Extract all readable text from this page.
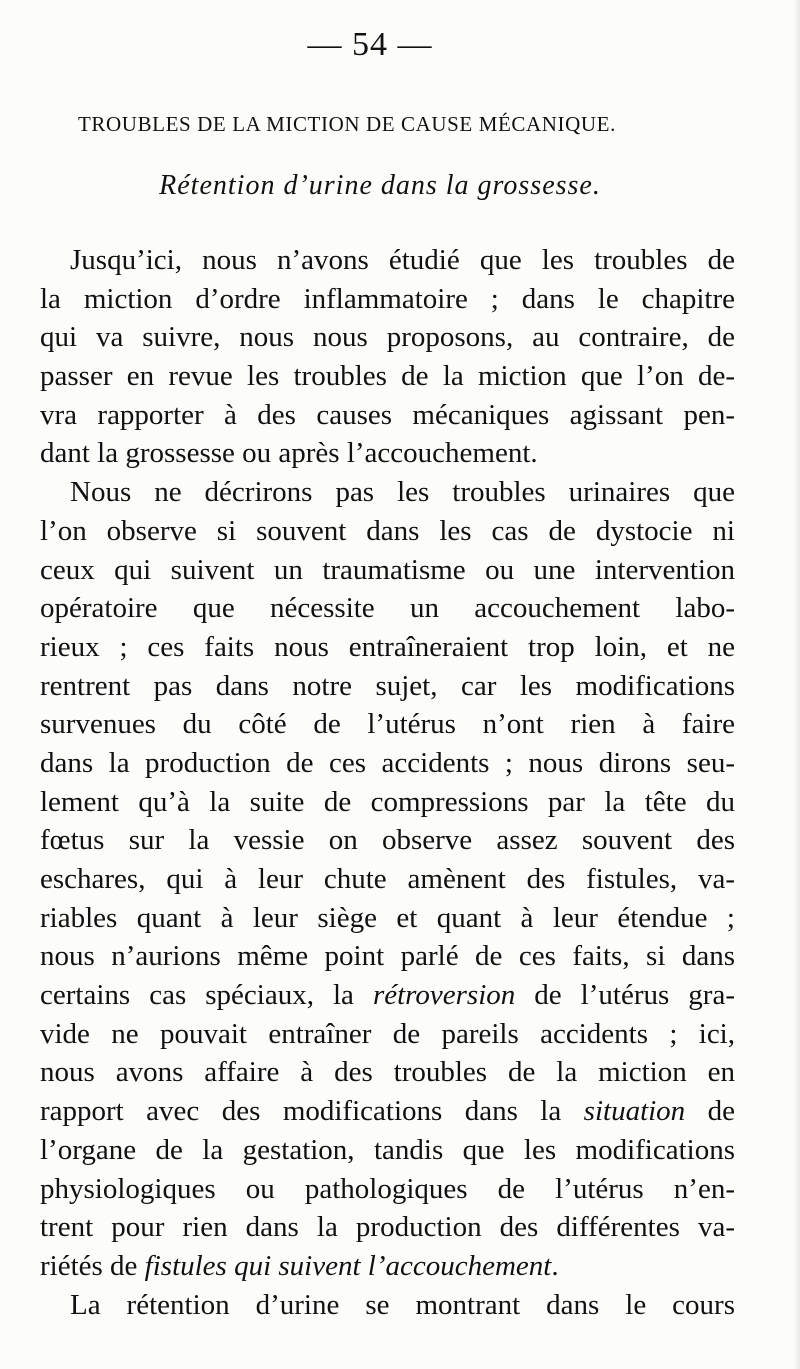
— 54 —
TROUBLES DE LA MICTION DE CAUSE MÉCANIQUE.
Rétention d’urine dans la grossesse.
Jusqu’ici, nous n’avons étudié que les troubles de
la miction d’ordre inflammatoire ; dans le chapitre
qui va suivre, nous nous proposons, au contraire, de
passer en revue les troubles de la miction que l’on de-
vra rapporter à des causes mécaniques agissant pen-
dant la grossesse ou après l’accouchement.
Nous ne décrirons pas les troubles urinaires que
l’on observe si souvent dans les cas de dystocie ni
ceux qui suivent un traumatisme ou une intervention
opératoire que nécessite un accouchement labo-
rieux ; ces faits nous entraîneraient trop loin, et ne
rentrent pas dans notre sujet, car les modifications
survenues du côté de l’utérus n’ont rien à faire
dans la production de ces accidents ; nous dirons seu-
lement qu’à la suite de compressions par la tête du
fœtus sur la vessie on observe assez souvent des
eschares, qui à leur chute amènent des fistules, va-
riables quant à leur siège et quant à leur étendue ;
nous n’aurions même point parlé de ces faits, si dans
certains cas spéciaux, la rétroversion de l’utérus gra-
vide ne pouvait entraîner de pareils accidents ; ici,
nous avons affaire à des troubles de la miction en
rapport avec des modifications dans la situation de
l’organe de la gestation, tandis que les modifications
physiologiques ou pathologiques de l’utérus n’en-
trent pour rien dans la production des différentes va-
riétés de fistules qui suivent l’accouchement.
La rétention d’urine se montrant dans le cours
